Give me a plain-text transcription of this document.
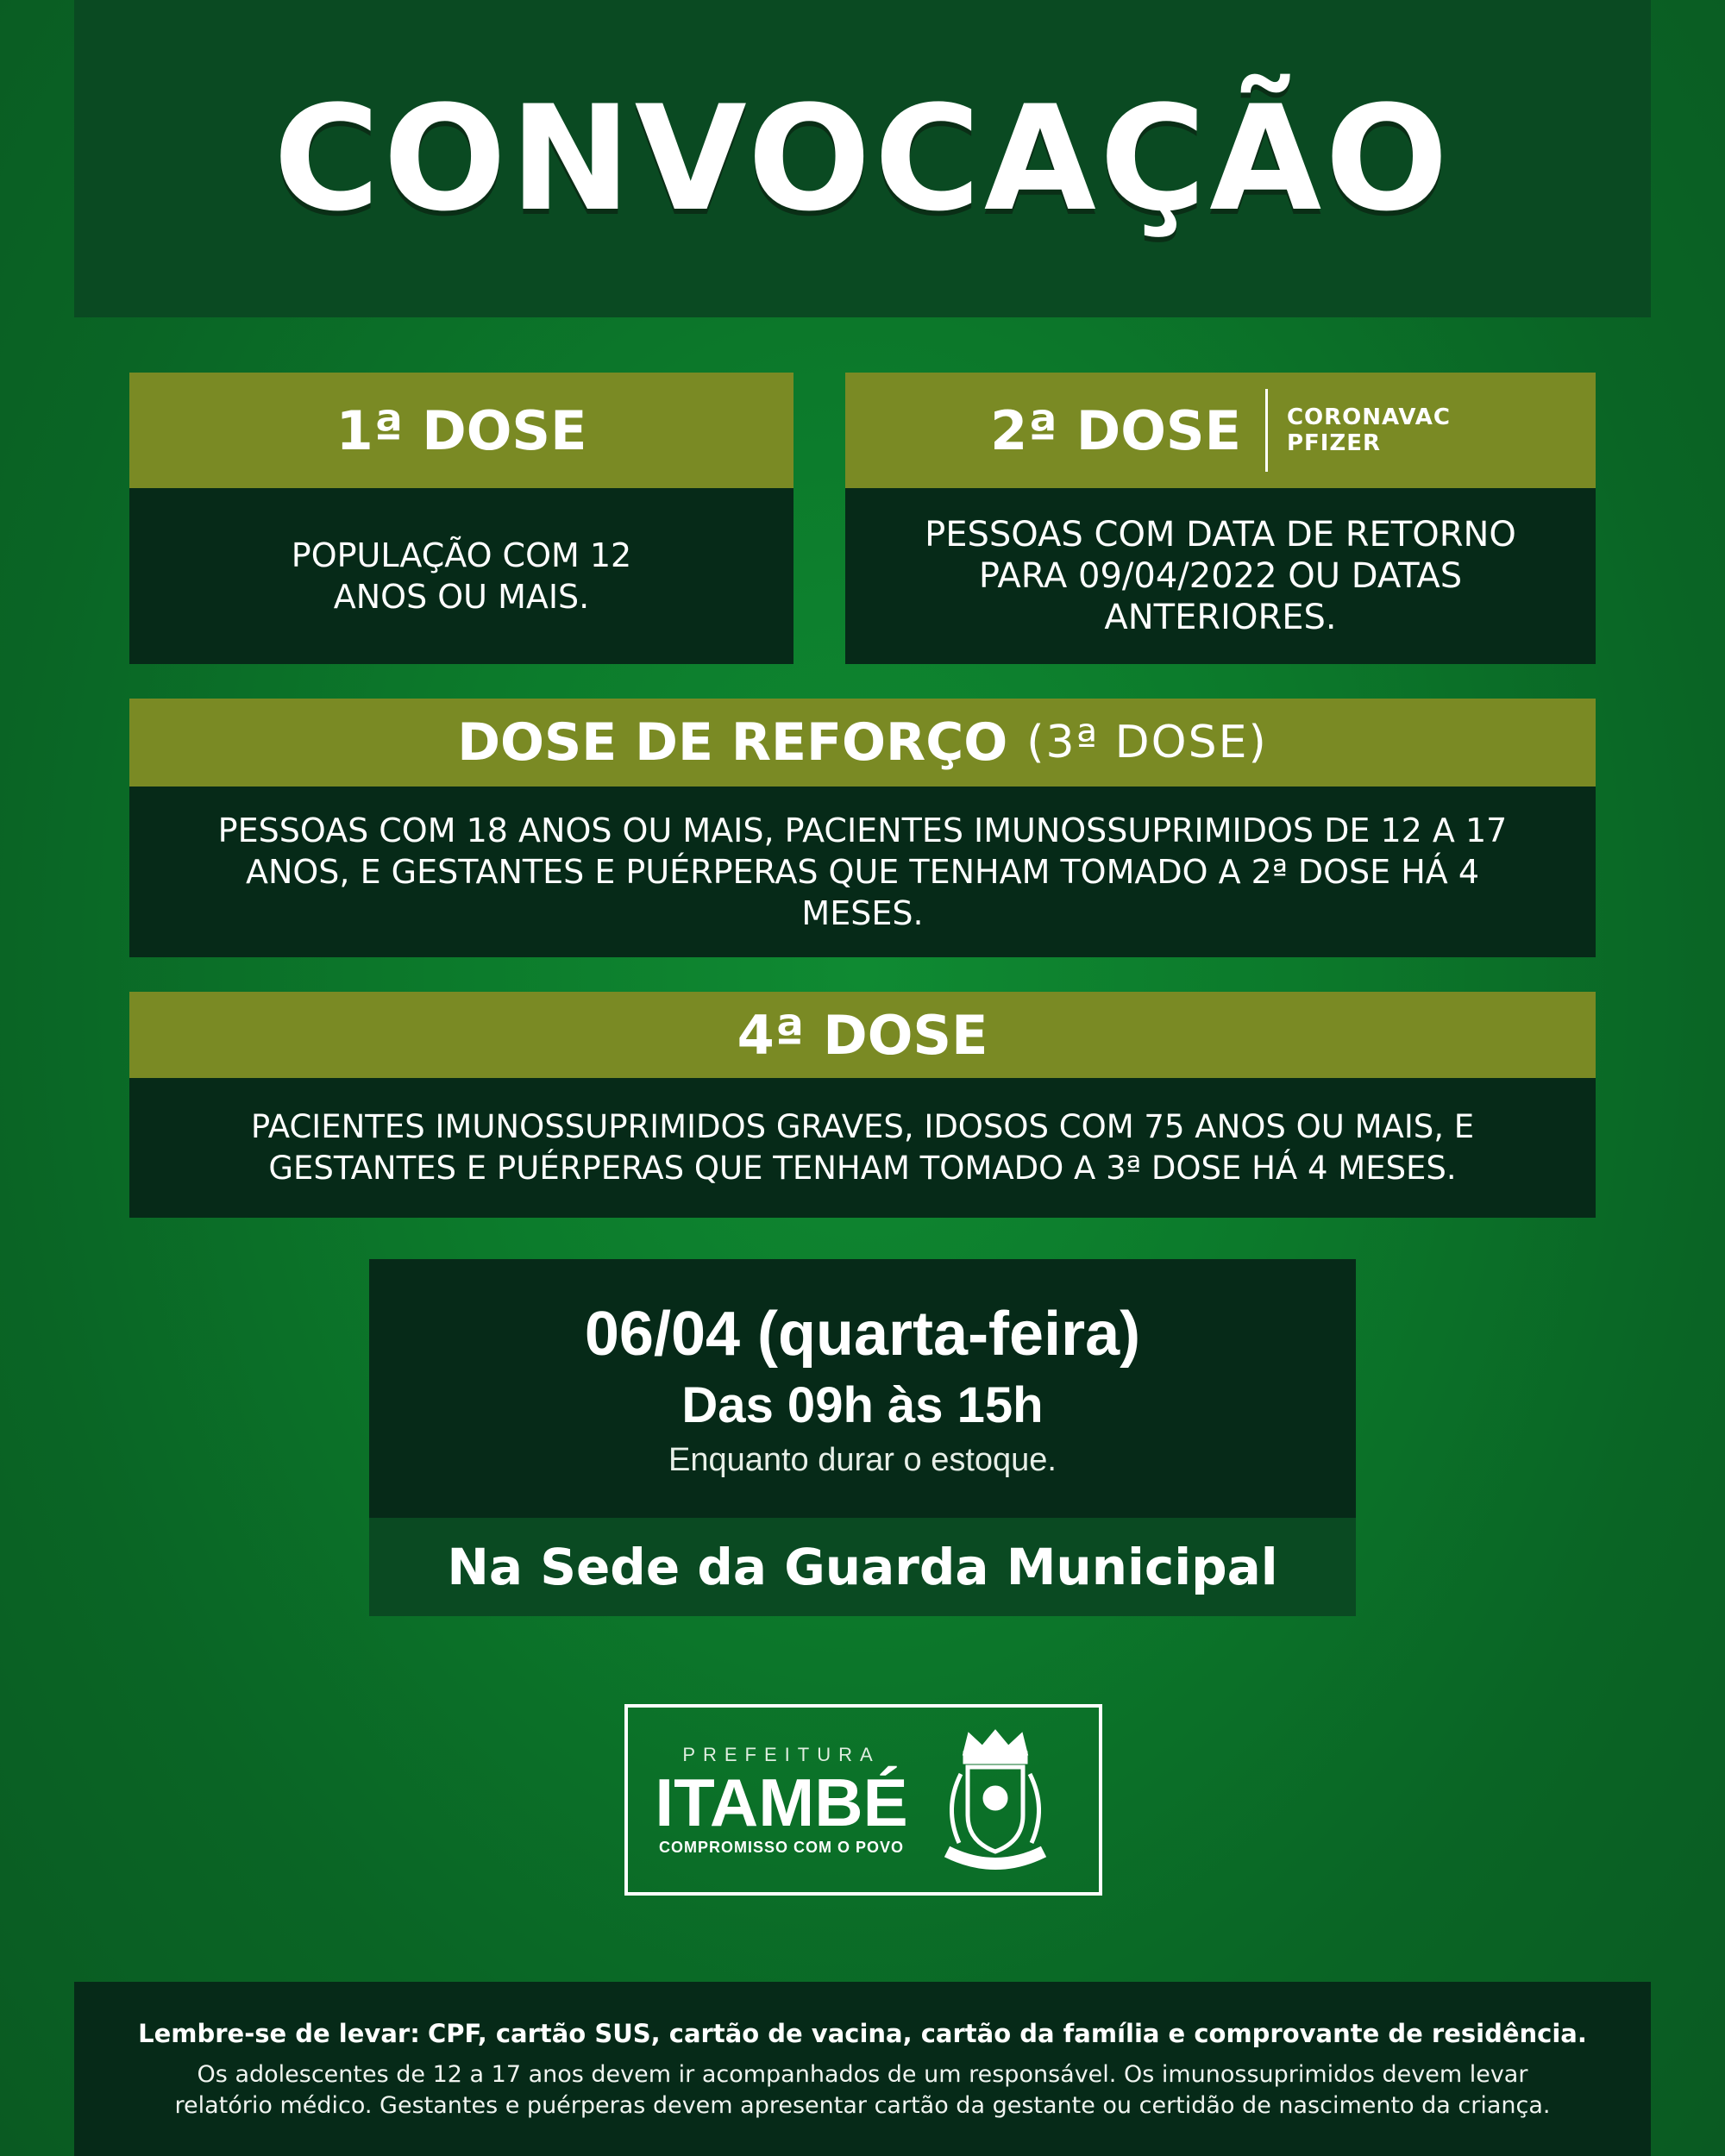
CONVOCAÇÃO
1ª DOSE
POPULAÇÃO COM 12 ANOS OU MAIS.
2ª DOSE CORONAVAC
PFIZER
PESSOAS COM DATA DE RETORNO PARA 09/04/2022 OU DATAS ANTERIORES.
DOSE DE REFORÇO (3ª DOSE)
PESSOAS COM 18 ANOS OU MAIS, PACIENTES IMUNOSSUPRIMIDOS DE 12 A 17 ANOS, E GESTANTES E PUÉRPERAS QUE TENHAM TOMADO A 2ª DOSE HÁ 4 MESES.
4ª DOSE
PACIENTES IMUNOSSUPRIMIDOS GRAVES, IDOSOS COM 75 ANOS OU MAIS, E GESTANTES E PUÉRPERAS QUE TENHAM TOMADO A 3ª DOSE HÁ 4 MESES.
06/04 (quarta-feira)
Das 09h às 15h
Enquanto durar o estoque.
Na Sede da Guarda Municipal
PREFEITURA
ITAMBÉ
COMPROMISSO COM O POVO
Lembre-se de levar: CPF, cartão SUS, cartão de vacina, cartão da família e comprovante de residência.
Os adolescentes de 12 a 17 anos devem ir acompanhados de um responsável. Os imunossuprimidos devem levar relatório médico. Gestantes e puérperas devem apresentar cartão da gestante ou certidão de nascimento da criança.
